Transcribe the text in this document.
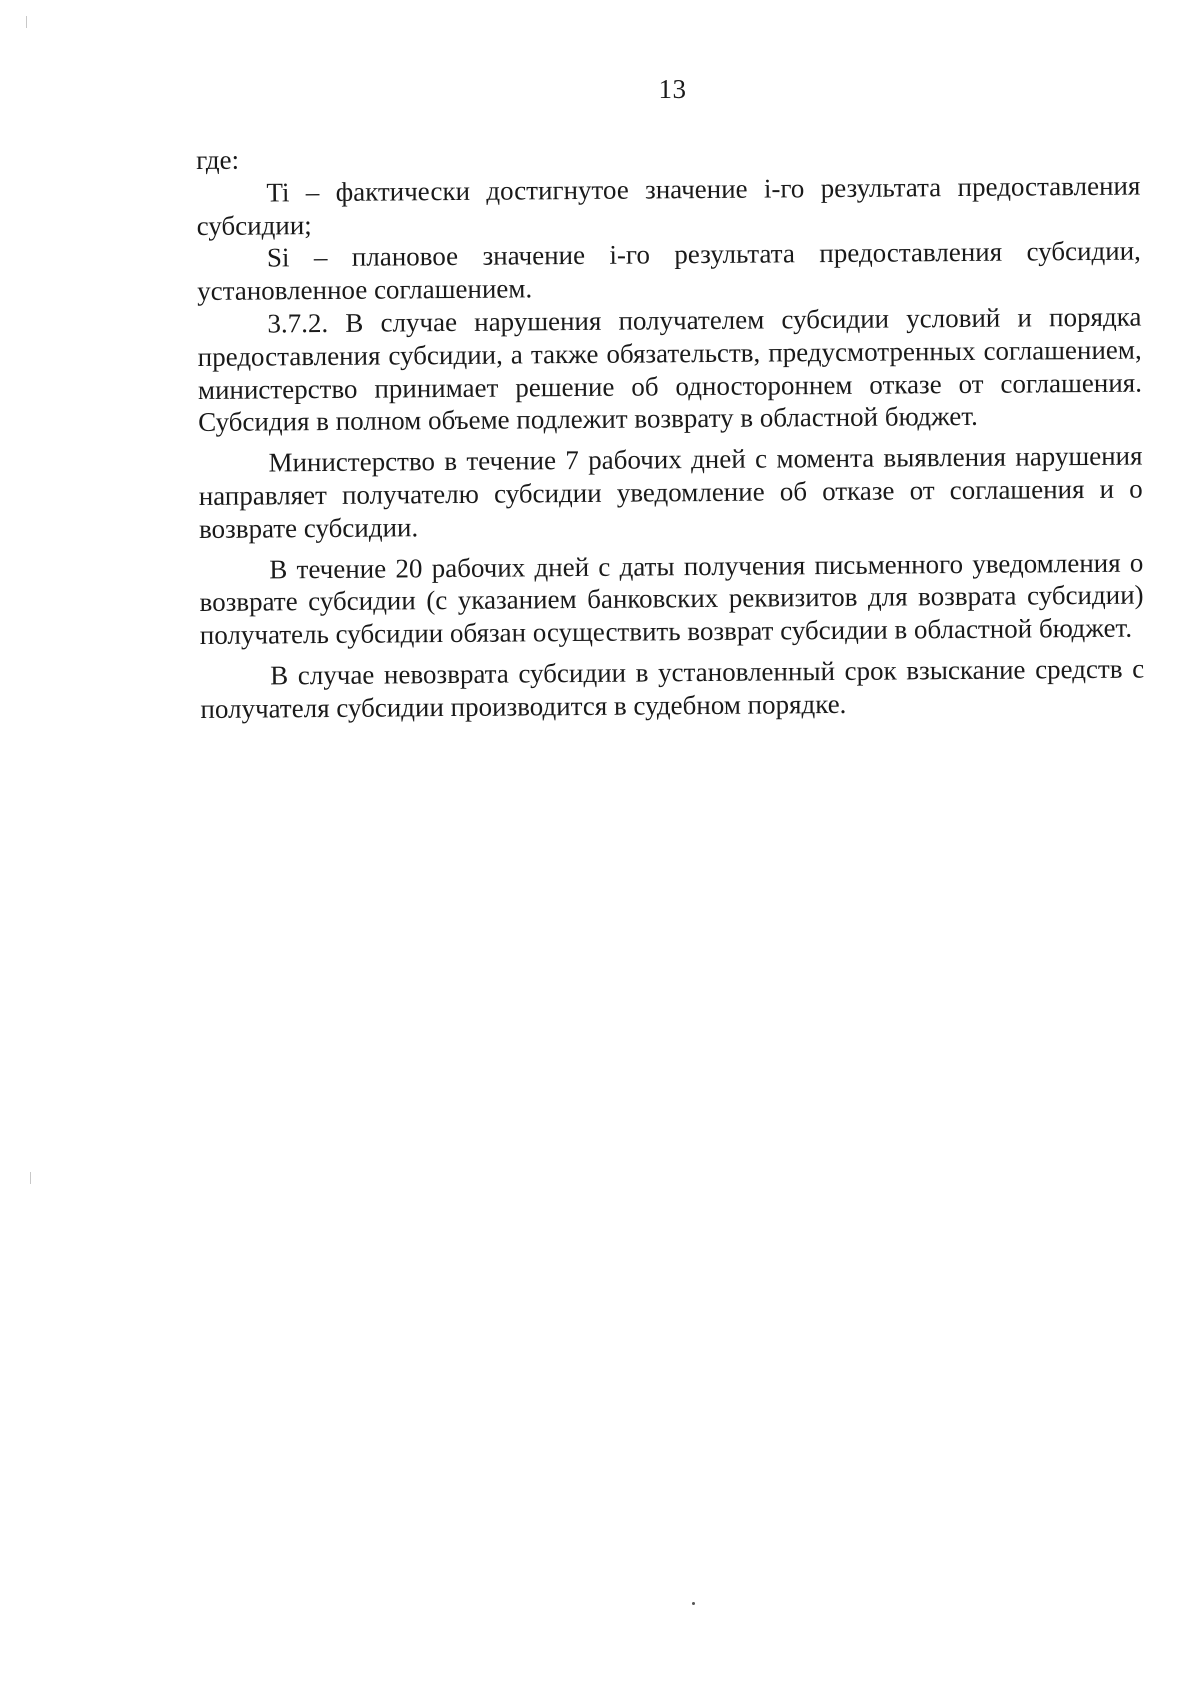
13

где:

Ti – фактически достигнутое значение i-го результата предоставления субсидии;

Si – плановое значение i-го результата предоставления субсидии, установленное соглашением.

3.7.2. В случае нарушения получателем субсидии условий и порядка предоставления субсидии, а также обязательств, предусмотренных соглашением, министерство принимает решение об одностороннем отказе от соглашения. Субсидия в полном объеме подлежит возврату в областной бюджет.

Министерство в течение 7 рабочих дней с момента выявления нарушения направляет получателю субсидии уведомление об отказе от соглашения и о возврате субсидии.

В течение 20 рабочих дней с даты получения письменного уведомления о возврате субсидии (с указанием банковских реквизитов для возврата субсидии) получатель субсидии обязан осуществить возврат субсидии в областной бюджет.

В случае невозврата субсидии в установленный срок взыскание средств с получателя субсидии производится в судебном порядке.
